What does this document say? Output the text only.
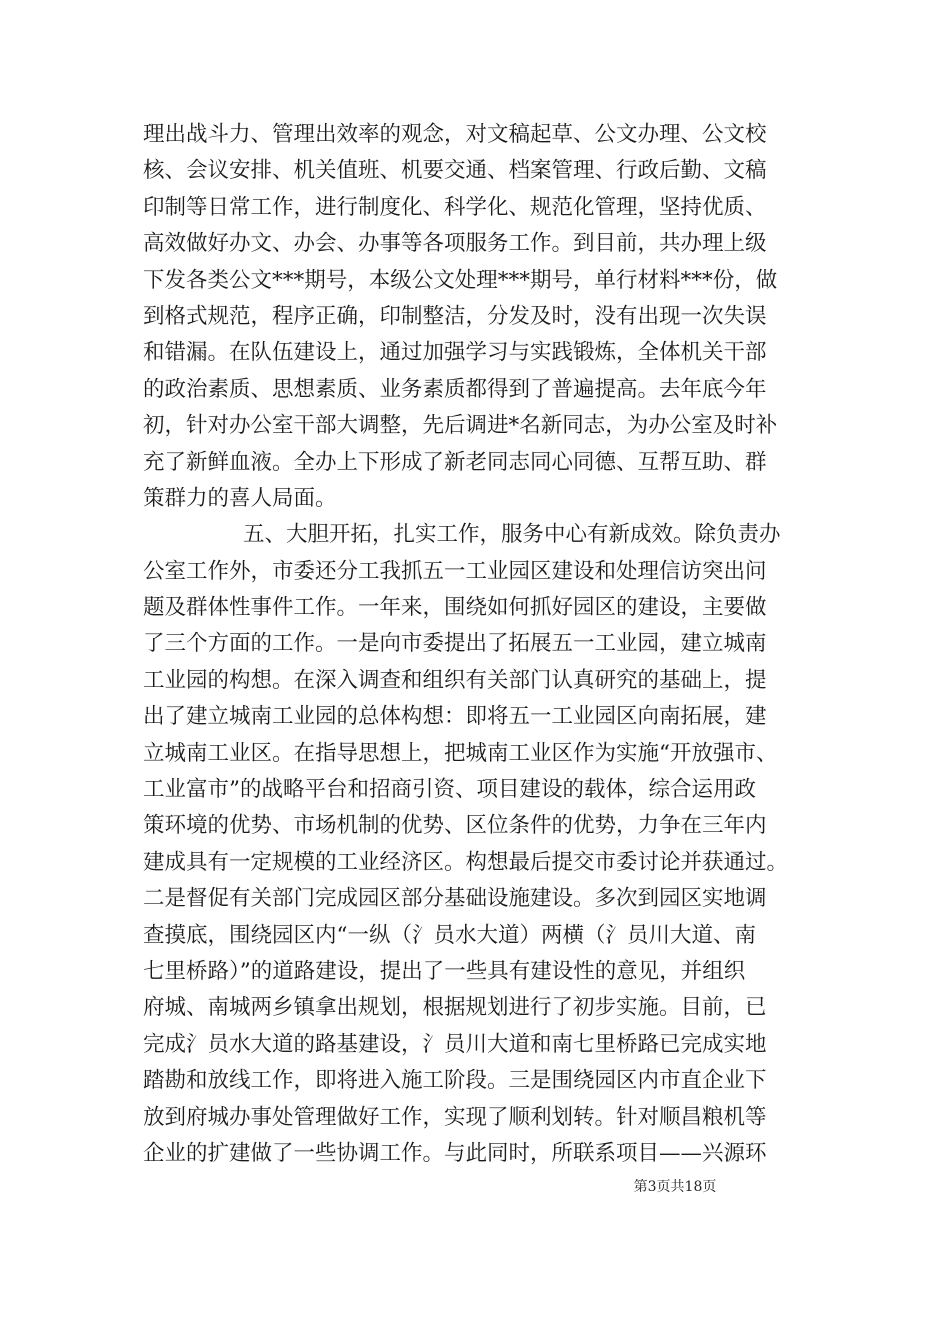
理出战斗力、管理出效率的观念，对文稿起草、公文办理、公文校
核、会议安排、机关值班、机要交通、档案管理、行政后勤、文稿
印制等日常工作，进行制度化、科学化、规范化管理，坚持优质、
高效做好办文、办会、办事等各项服务工作。到目前，共办理上级
下发各类公文***期号，本级公文处理***期号，单行材料***份，做
到格式规范，程序正确，印制整洁，分发及时，没有出现一次失误
和错漏。在队伍建设上，通过加强学习与实践锻炼，全体机关干部
的政治素质、思想素质、业务素质都得到了普遍提高。去年底今年
初，针对办公室干部大调整，先后调进*名新同志，为办公室及时补
充了新鲜血液。全办上下形成了新老同志同心同德、互帮互助、群
策群力的喜人局面。
五、大胆开拓，扎实工作，服务中心有新成效。除负责办
公室工作外，市委还分工我抓五一工业园区建设和处理信访突出问
题及群体性事件工作。一年来，围绕如何抓好园区的建设，主要做
了三个方面的工作。一是向市委提出了拓展五一工业园，建立城南
工业园的构想。在深入调查和组织有关部门认真研究的基础上，提
出了建立城南工业园的总体构想：即将五一工业园区向南拓展，建
立城南工业区。在指导思想上，把城南工业区作为实施“开放强市、
工业富市”的战略平台和招商引资、项目建设的载体，综合运用政
策环境的优势、市场机制的优势、区位条件的优势，力争在三年内
建成具有一定规模的工业经济区。构想最后提交市委讨论并获通过。
二是督促有关部门完成园区部分基础设施建设。多次到园区实地调
查摸底，围绕园区内“一纵（氵员水大道）两横（氵员川大道、南
七里桥路）”的道路建设，提出了一些具有建设性的意见，并组织
府城、南城两乡镇拿出规划，根据规划进行了初步实施。目前，已
完成氵员水大道的路基建设，氵员川大道和南七里桥路已完成实地
踏勘和放线工作，即将进入施工阶段。三是围绕园区内市直企业下
放到府城办事处管理做好工作，实现了顺利划转。针对顺昌粮机等
企业的扩建做了一些协调工作。与此同时，所联系项目——兴源环
第3页共18页
